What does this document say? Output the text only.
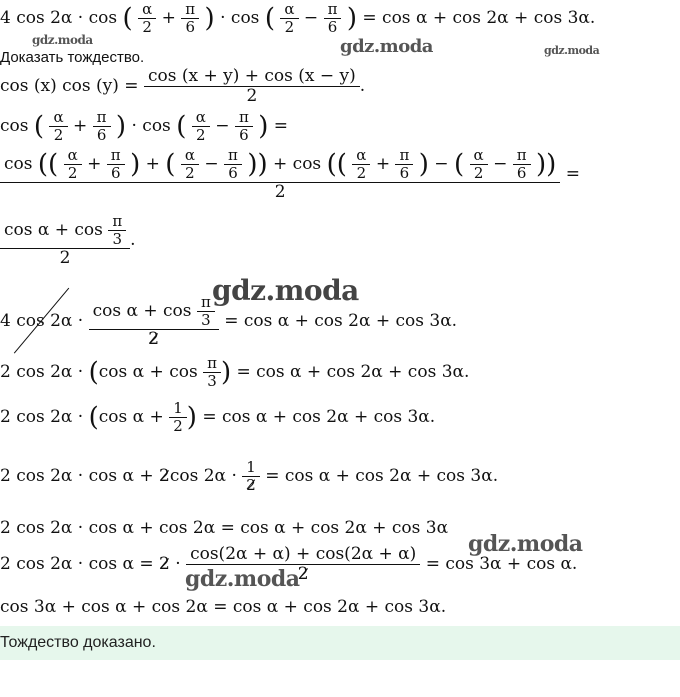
4 cos 2α · cos ( $\frac{\alpha}{2} + \frac{\pi}{6}$ ) · cos ( $\frac{\alpha}{2} - \frac{\pi}{6}$ ) = cos α + cos 2α + cos 3α.
gdz.moda	gdz.moda	gdz.moda
Доказать тождество.
cos (x) $\cos (y) = \frac{\cos (x + y) + \cos (x - y)}{2}$ .
cos ( $\frac{\alpha}{2} + \frac{\pi}{6}$ ) · cos ( $\frac{\alpha}{2} - \frac{\pi}{6}$ ) =
cos (( $\frac{\alpha}{2} + \frac{\pi}{6}$ ) + ( $\frac{\alpha}{2} - \frac{\pi}{6}$ )) + cos (( $\frac{\alpha}{2} + \frac{\pi}{6}$ ) − ( $\frac{\alpha}{2} - \frac{\pi}{6}$ ))
2
=
$\frac{\cos \alpha + \cos \frac{\pi}{3}}{2}$ .
gdz.moda
4 $\cos 2\alpha \cdot \frac{\cos \alpha + \cos \frac{\pi}{3}}{2} = \cos \alpha + \cos 2\alpha + \cos 3\alpha$.
2 cos 2α · (cos $\alpha + \cos \frac{\pi}{3}$ ) = cos α + cos 2α + cos 3α.
2 cos 2α · (cos $\alpha + \frac{1}{2}$ ) = cos α + cos 2α + cos 3α.
2 cos 2α · cos α + 2cos $2\alpha \cdot \frac{1}{2} = \cos \alpha + \cos 2\alpha + \cos 3\alpha$.
2 cos 2α · cos α + cos 2α = cos α + cos 2α + cos 3α
gdz.moda
2 $\cos 2\alpha \cdot \cos \alpha = 2 \cdot \frac{\cos(2\alpha + \alpha) + \cos(2\alpha + \alpha)}{2} = \cos 3\alpha + \cos \alpha$.
gdz.moda
cos 3α + cos α + cos 2α = cos α + cos 2α + cos 3α.
Тождество доказано.
